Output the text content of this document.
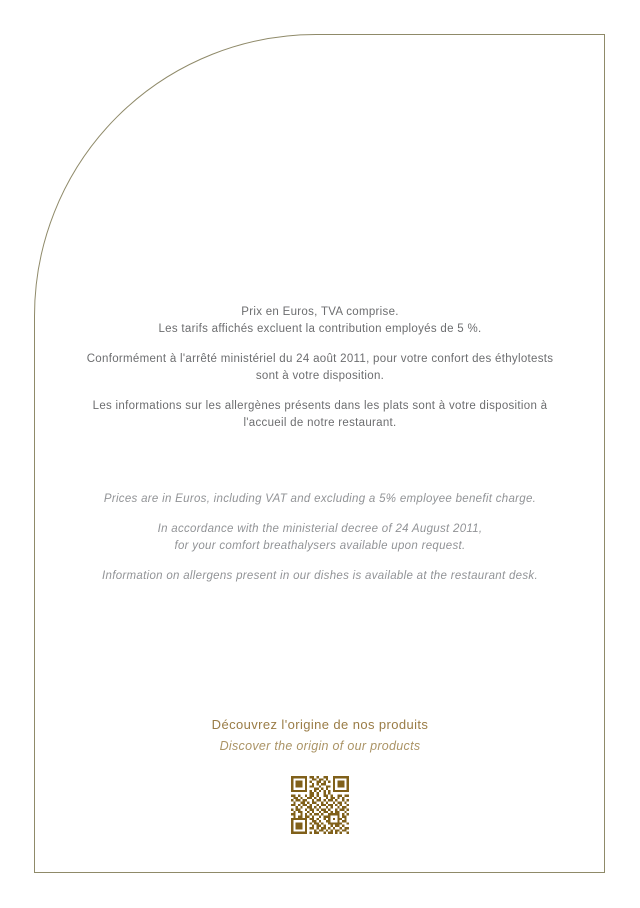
Prix en Euros, TVA comprise.
Les tarifs affichés excluent la contribution employés de 5 %.

Conformément à l'arrêté ministériel du 24 août 2011, pour votre confort des éthylotests
sont à votre disposition.

Les informations sur les allergènes présents dans les plats sont à votre disposition à
l'accueil de notre restaurant.

Prices are in Euros, including VAT and excluding a 5% employee benefit charge.

In accordance with the ministerial decree of 24 August 2011,
for your comfort breathalysers available upon request.

Information on allergens present in our dishes is available at the restaurant desk.

Découvrez l'origine de nos produits
Discover the origin of our products
